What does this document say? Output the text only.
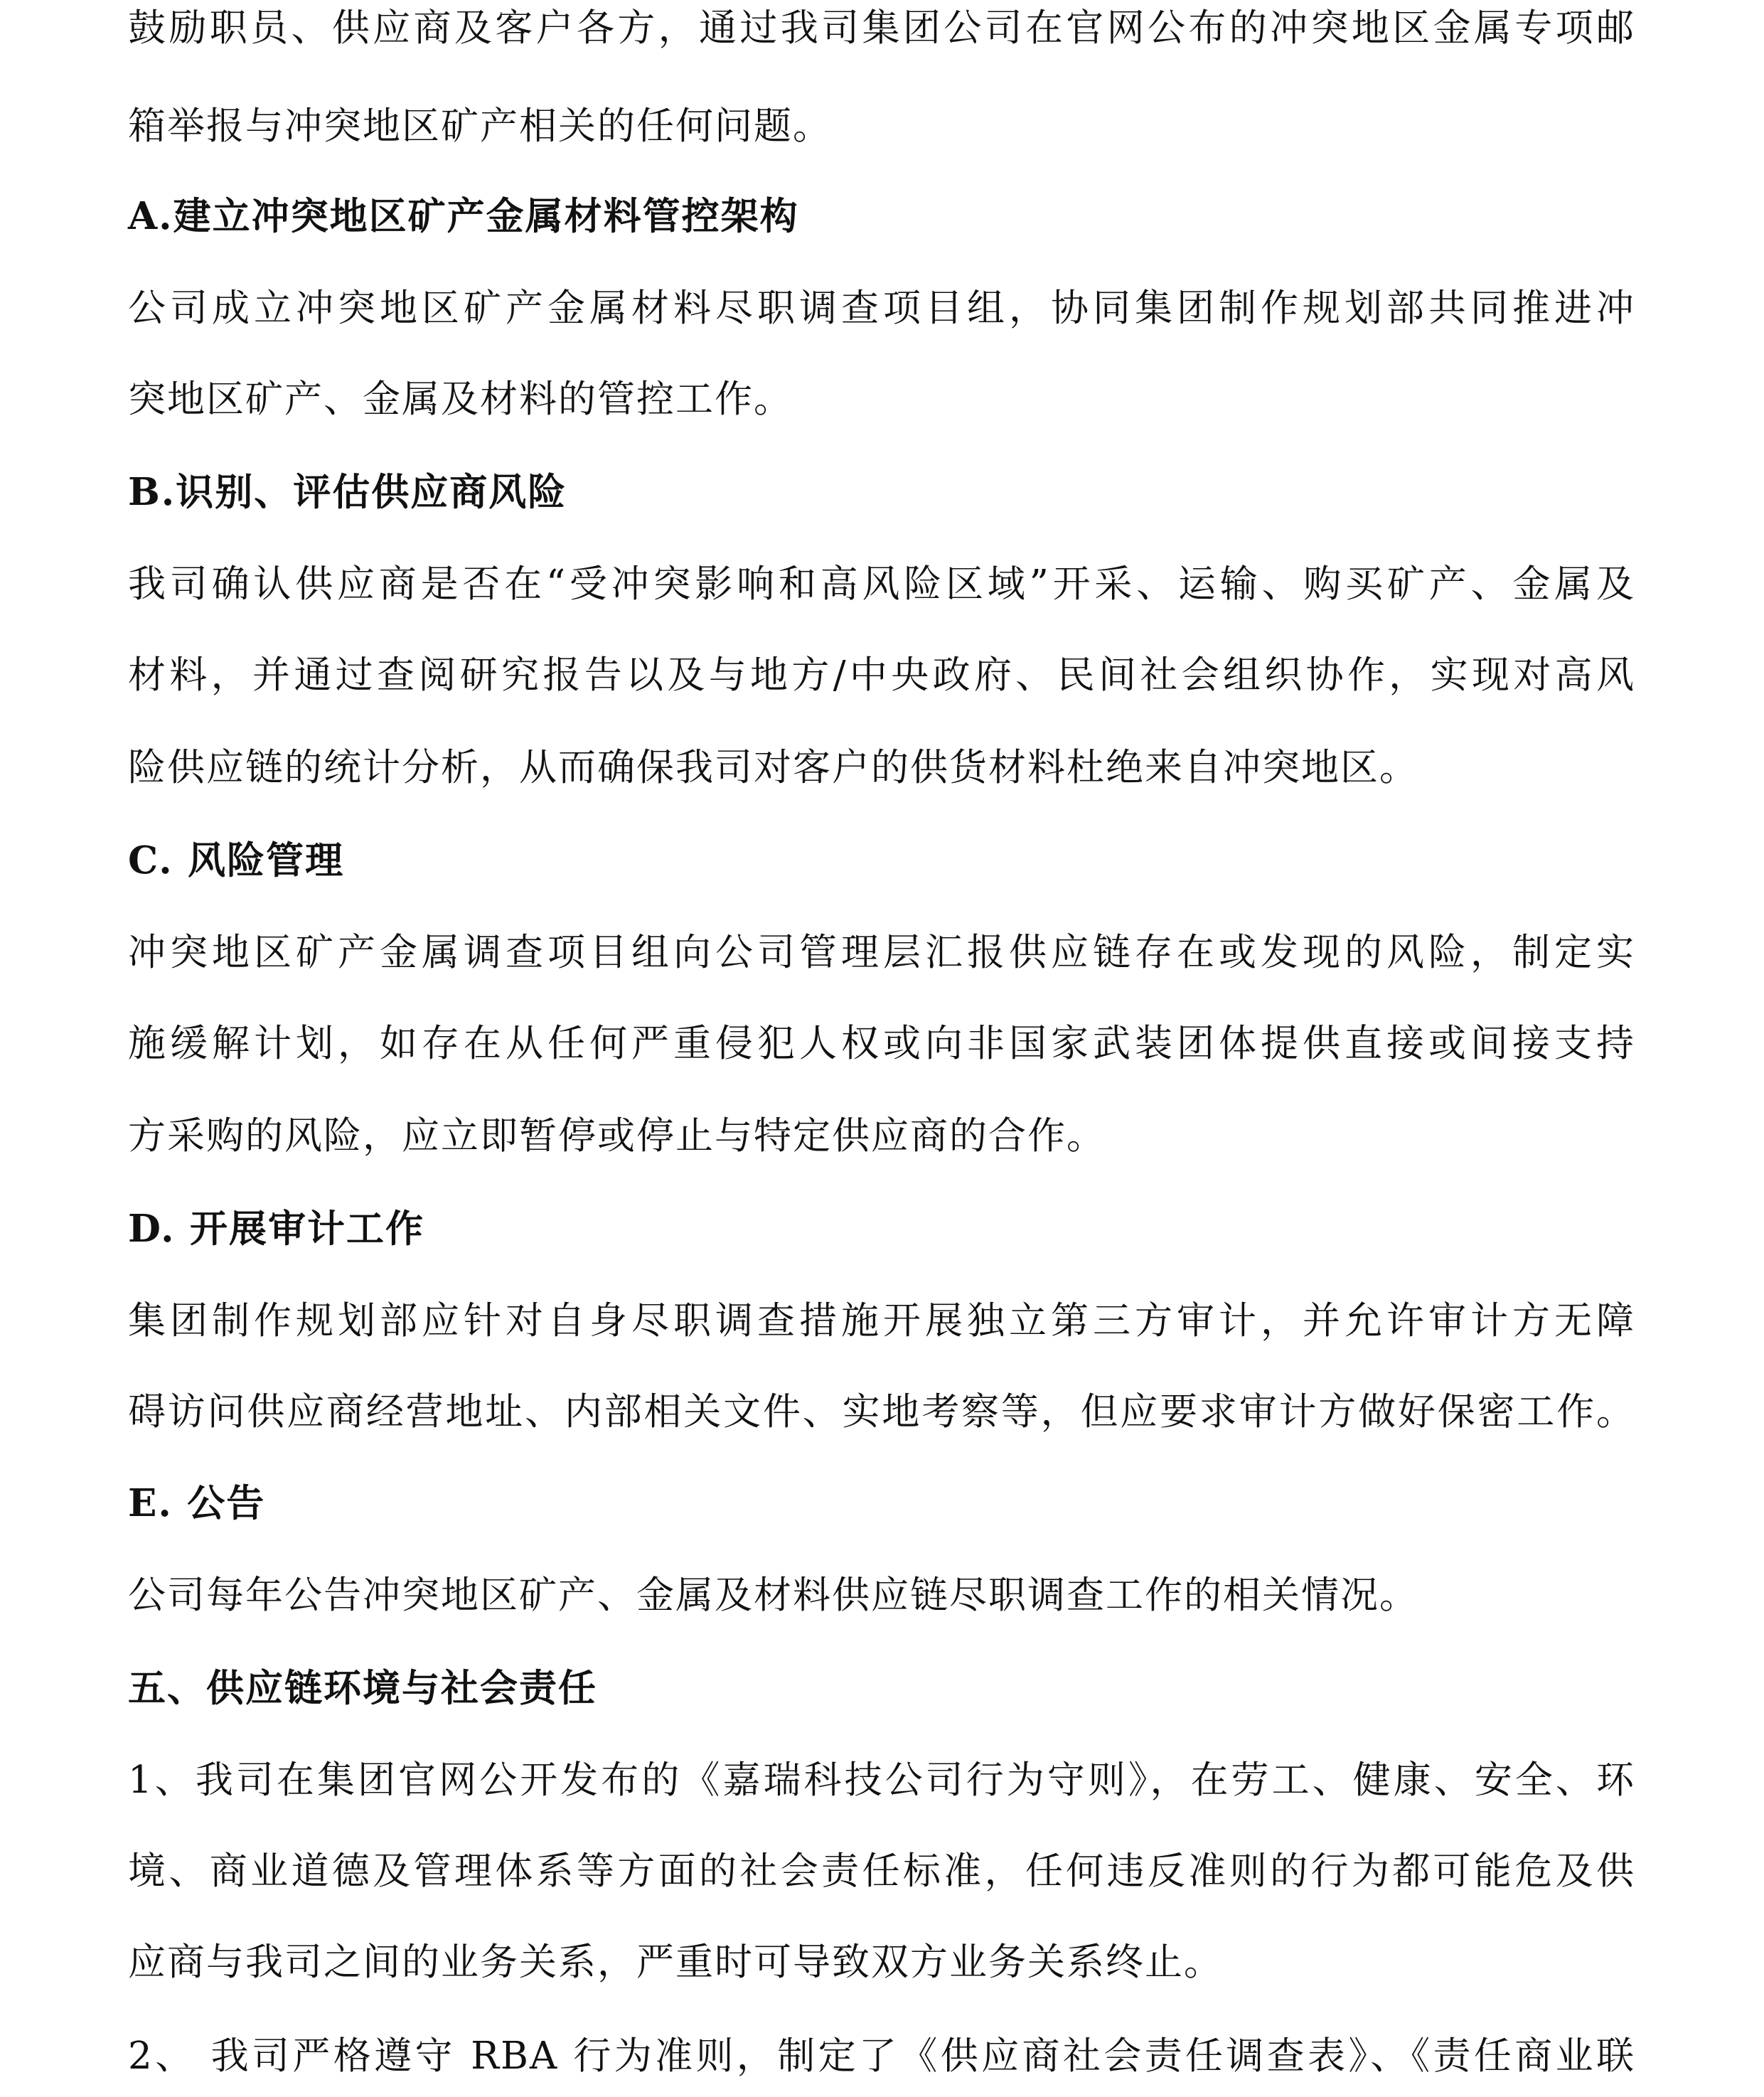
鼓励职员、供应商及客户各方，通过我司集团公司在官网公布的冲突地区金属专项邮
箱举报与冲突地区矿产相关的任何问题。
A.建立冲突地区矿产金属材料管控架构
公司成立冲突地区矿产金属材料尽职调查项目组，协同集团制作规划部共同推进冲
突地区矿产、金属及材料的管控工作。
B.识别、评估供应商风险
我司确认供应商是否在“受冲突影响和高风险区域”开采、运输、购买矿产、金属及
材料，并通过查阅研究报告以及与地方/中央政府、民间社会组织协作，实现对高风
险供应链的统计分析，从而确保我司对客户的供货材料杜绝来自冲突地区。
C. 风险管理
冲突地区矿产金属调查项目组向公司管理层汇报供应链存在或发现的风险，制定实
施缓解计划，如存在从任何严重侵犯人权或向非国家武装团体提供直接或间接支持
方采购的风险，应立即暂停或停止与特定供应商的合作。
D. 开展审计工作
集团制作规划部应针对自身尽职调查措施开展独立第三方审计，并允许审计方无障
碍访问供应商经营地址、内部相关文件、实地考察等，但应要求审计方做好保密工作。
E. 公告
公司每年公告冲突地区矿产、金属及材料供应链尽职调查工作的相关情况。
五、供应链环境与社会责任
1、我司在集团官网公开发布的《嘉瑞科技公司行为守则》，在劳工、健康、安全、环
境、商业道德及管理体系等方面的社会责任标准，任何违反准则的行为都可能危及供
应商与我司之间的业务关系，严重时可导致双方业务关系终止。
2、 我司严格遵守 RBA 行为准则，制定了《供应商社会责任调查表》、《责任商业联
